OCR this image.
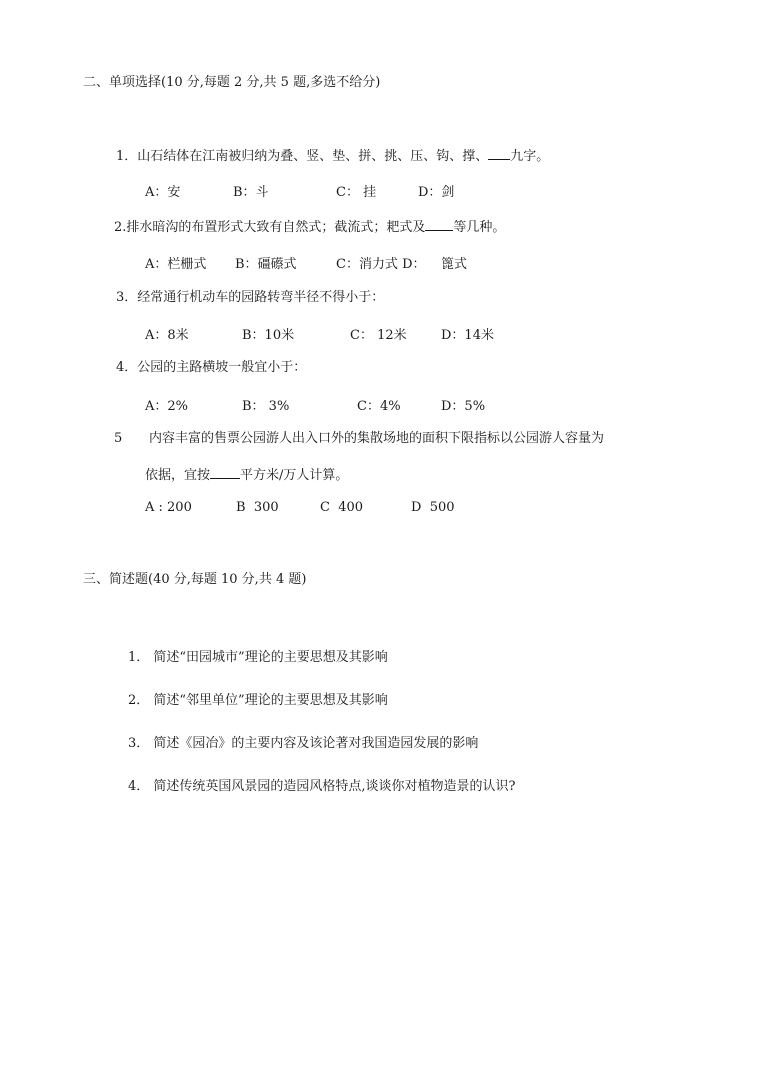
二、单项选择(10 分,每题 2 分,共 5 题,多选不给分)
1．山石结体在江南被归纳为叠、竖、垫、拼、挑、压、钩、撑、 九字。
A：安	B：斗	C： 挂	D：剑
2.排水暗沟的布置形式大致有自然式；截流式；耙式及 等几种。
A：栏栅式 B：礓礤式	C：消力式 D： 篦式
3．经常通行机动车的园路转弯半径不得小于：
A：8米	B：10米	C： 12米	D：14米
4．公园的主路横坡一般宜小于：
A：2%	B： 3%	C：4%	D：5%
5 内容丰富的售票公园游人出入口外的集散场地的面积下限指标以公园游人容量为
依据，宜按 平方米/万人计算。
A : 200	B  300	C  400	D  500
三、简述题(40 分,每题 10 分,共 4 题)
1． 简述“田园城市”理论的主要思想及其影响
2． 简述“邻里单位”理论的主要思想及其影响
3． 简述《园冶》的主要内容及该论著对我国造园发展的影响
4． 简述传统英国风景园的造园风格特点,谈谈你对植物造景的认识?
